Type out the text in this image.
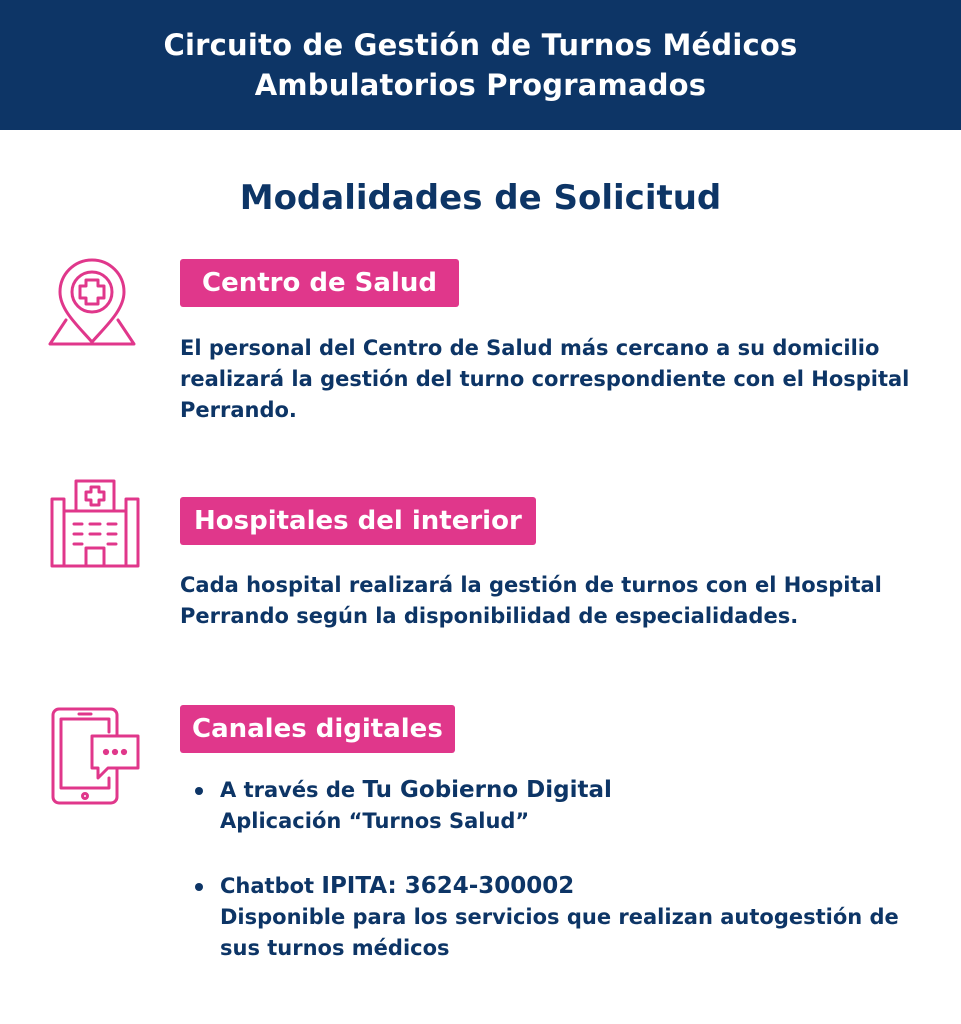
Circuito de Gestión de Turnos Médicos
Ambulatorios Programados
Modalidades de Solicitud
Centro de Salud
El personal del Centro de Salud más cercano a su domicilio realizará la gestión del turno correspondiente con el Hospital Perrando.
Hospitales del interior
Cada hospital realizará la gestión de turnos con el Hospital Perrando según la disponibilidad de especialidades.
Canales digitales
A través de Tu Gobierno Digital
Aplicación “Turnos Salud”
Chatbot IPITA: 3624-300002
Disponible para los servicios que realizan autogestión de sus turnos médicos
